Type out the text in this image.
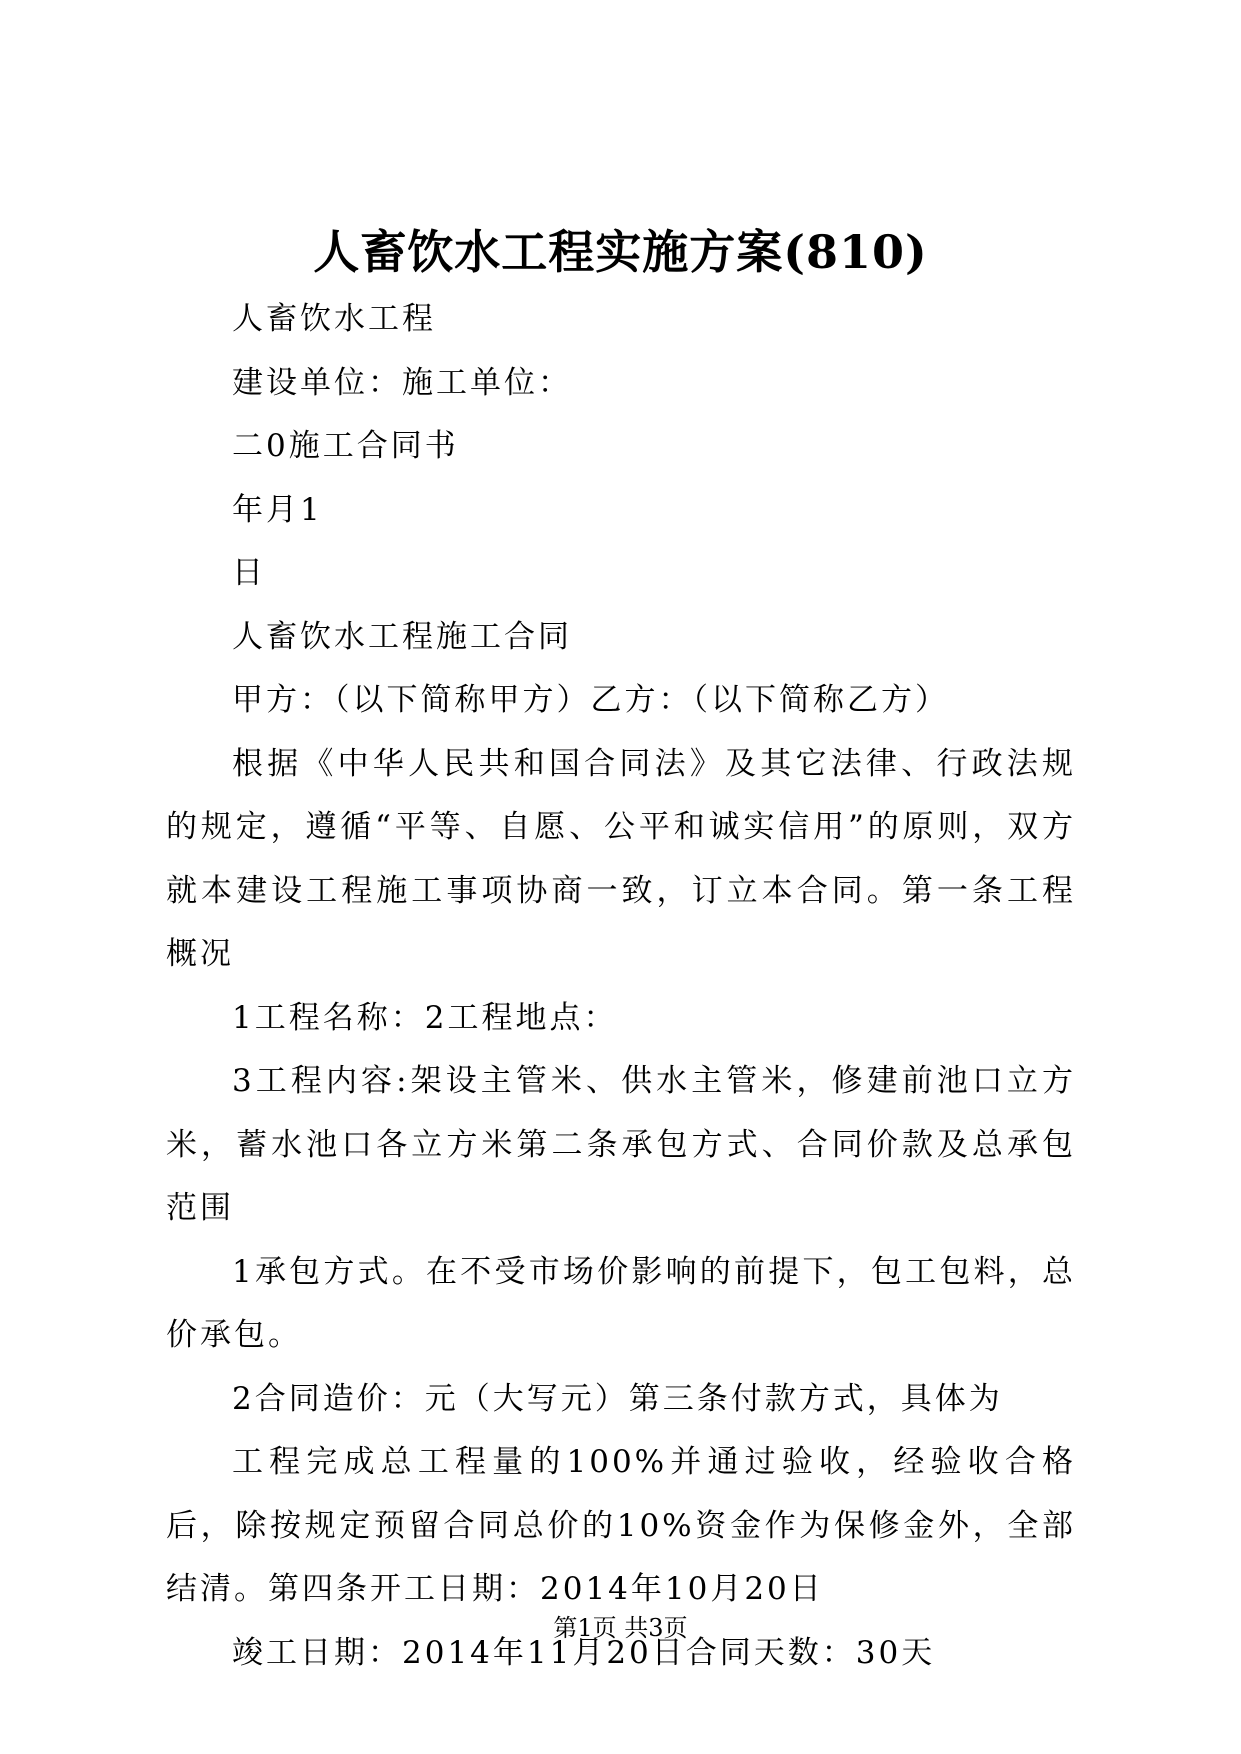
人畜饮水工程实施方案(810)

人畜饮水工程

建设单位：施工单位：

二0施工合同书

年月1

日

人畜饮水工程施工合同

甲方：（以下简称甲方）乙方：（以下简称乙方）

根据《中华人民共和国合同法》及其它法律、行政法规的规定，遵循“平等、自愿、公平和诚实信用”的原则，双方就本建设工程施工事项协商一致，订立本合同。第一条工程概况

1工程名称：2工程地点：

3工程内容:架设主管米、供水主管米，修建前池口立方米，蓄水池口各立方米第二条承包方式、合同价款及总承包范围

1承包方式。在不受市场价影响的前提下，包工包料，总价承包。

2合同造价：元（大写元）第三条付款方式，具体为

工程完成总工程量的100%并通过验收，经验收合格后，除按规定预留合同总价的10%资金作为保修金外，全部结清。第四条开工日期：2014年10月20日

竣工日期：2014年11月20日合同天数：30天

第1页 共3页
